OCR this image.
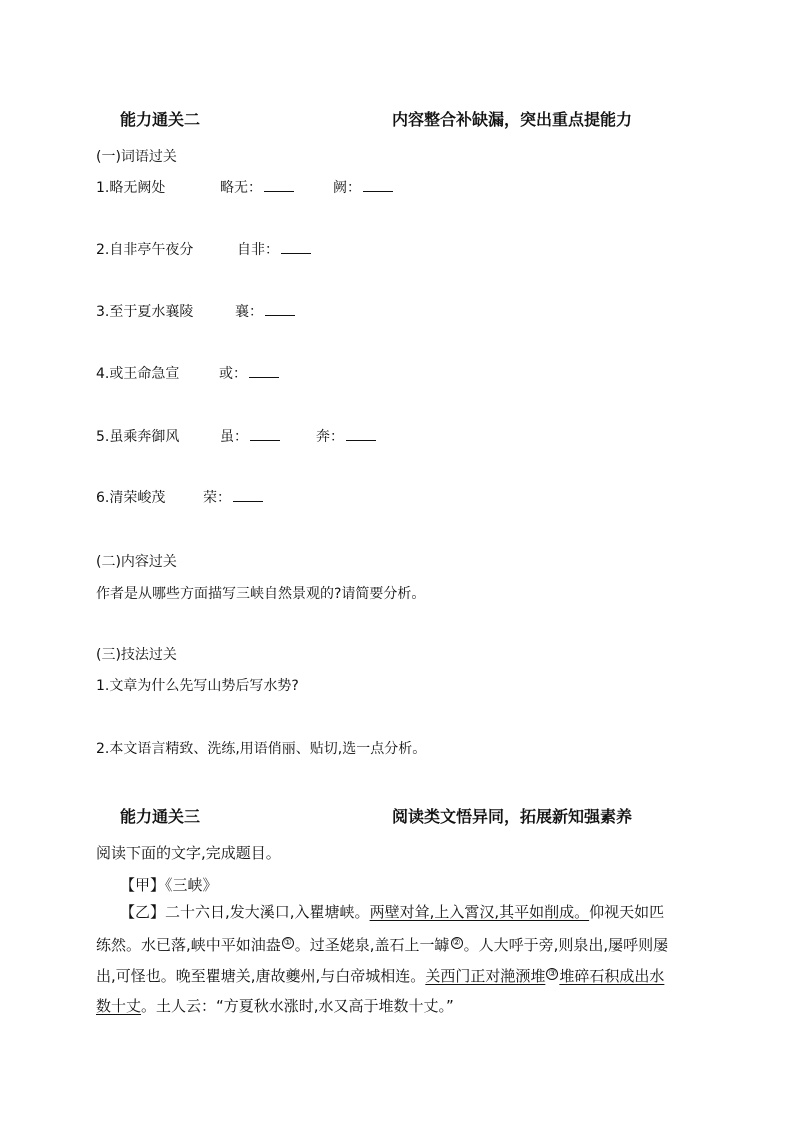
能力通关二	内容整合补缺漏，突出重点提能力
(一)词语过关
1.略无阙处	略无：	阙：
2.自非亭午夜分	自非：
3.至于夏水襄陵	襄：
4.或王命急宣	或：
5.虽乘奔御风	虽：	奔：
6.清荣峻茂	荣：
(二)内容过关
作者是从哪些方面描写三峡自然景观的?请简要分析。
(三)技法过关
1.文章为什么先写山势后写水势?
2.本文语言精致、洗练,用语俏丽、贴切,选一点分析。
能力通关三	阅读类文悟异同，拓展新知强素养
阅读下面的文字,完成题目。
【甲】《三峡》
【乙】二十六日,发大溪口,入瞿塘峡。两壁对耸,上入霄汉,其平如削成。仰视天如匹
练然。水已落,峡中平如油盎 ① 。过圣姥泉,盖石上一罅 ② 。人大呼于旁,则泉出,屡呼则屡
出,可怪也。晚至瞿塘关,唐故夔州,与白帝城相连。关西门正对滟滪堆 ③ 堆碎石积成出水
数十丈。土人云：“方夏秋水涨时,水又高于堆数十丈。”
